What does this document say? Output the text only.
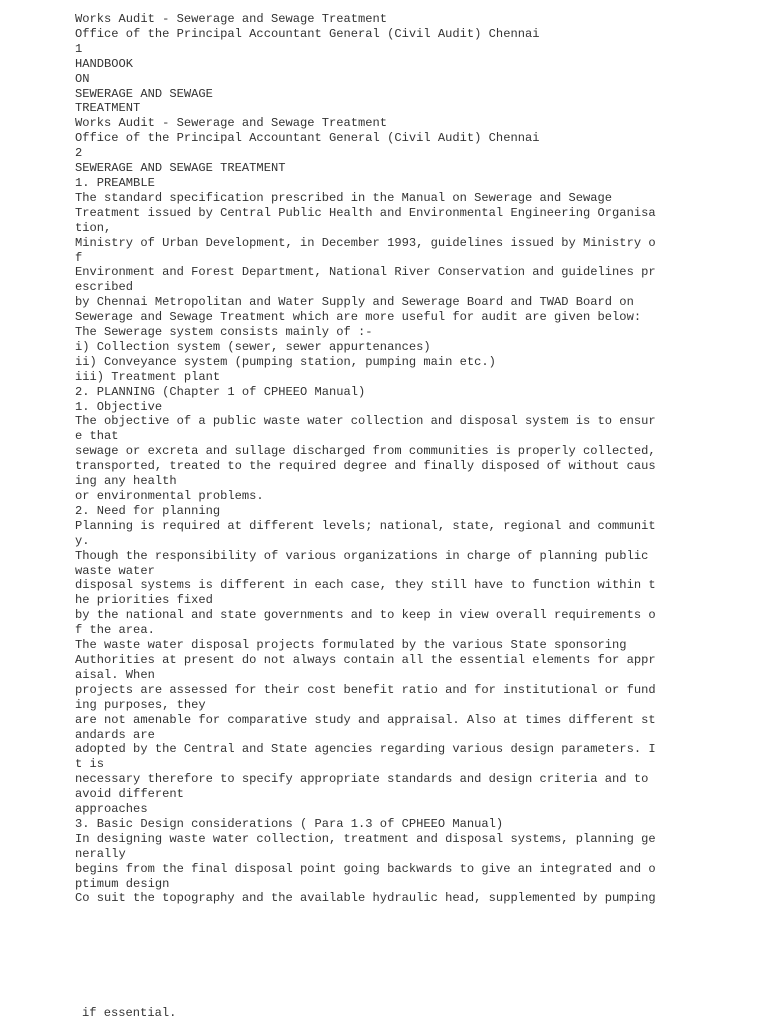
Works Audit - Sewerage and Sewage Treatment
Office of the Principal Accountant General (Civil Audit) Chennai
1
HANDBOOK
ON
SEWERAGE AND SEWAGE
TREATMENT
Works Audit - Sewerage and Sewage Treatment
Office of the Principal Accountant General (Civil Audit) Chennai
2
SEWERAGE AND SEWAGE TREATMENT
1. PREAMBLE
The standard specification prescribed in the Manual on Sewerage and Sewage
Treatment issued by Central Public Health and Environmental Engineering Organisa
tion,
Ministry of Urban Development, in December 1993, guidelines issued by Ministry o
f
Environment and Forest Department, National River Conservation and guidelines pr
escribed
by Chennai Metropolitan and Water Supply and Sewerage Board and TWAD Board on
Sewerage and Sewage Treatment which are more useful for audit are given below:
The Sewerage system consists mainly of :-
i) Collection system (sewer, sewer appurtenances)
ii) Conveyance system (pumping station, pumping main etc.)
iii) Treatment plant
2. PLANNING (Chapter 1 of CPHEEO Manual)
1. Objective
The objective of a public waste water collection and disposal system is to ensur
e that
sewage or excreta and sullage discharged from communities is properly collected,
transported, treated to the required degree and finally disposed of without caus
ing any health
or environmental problems.
2. Need for planning
Planning is required at different levels; national, state, regional and communit
y.
Though the responsibility of various organizations in charge of planning public
waste water
disposal systems is different in each case, they still have to function within t
he priorities fixed
by the national and state governments and to keep in view overall requirements o
f the area.
The waste water disposal projects formulated by the various State sponsoring
Authorities at present do not always contain all the essential elements for appr
aisal. When
projects are assessed for their cost benefit ratio and for institutional or fund
ing purposes, they
are not amenable for comparative study and appraisal. Also at times different st
andards are
adopted by the Central and State agencies regarding various design parameters. I
t is
necessary therefore to specify appropriate standards and design criteria and to
avoid different
approaches
3. Basic Design considerations ( Para 1.3 of CPHEEO Manual)
In designing waste water collection, treatment and disposal systems, planning ge
nerally
begins from the final disposal point going backwards to give an integrated and o
ptimum design
Co suit the topography and the available hydraulic head, supplemented by pumping
if essential.
